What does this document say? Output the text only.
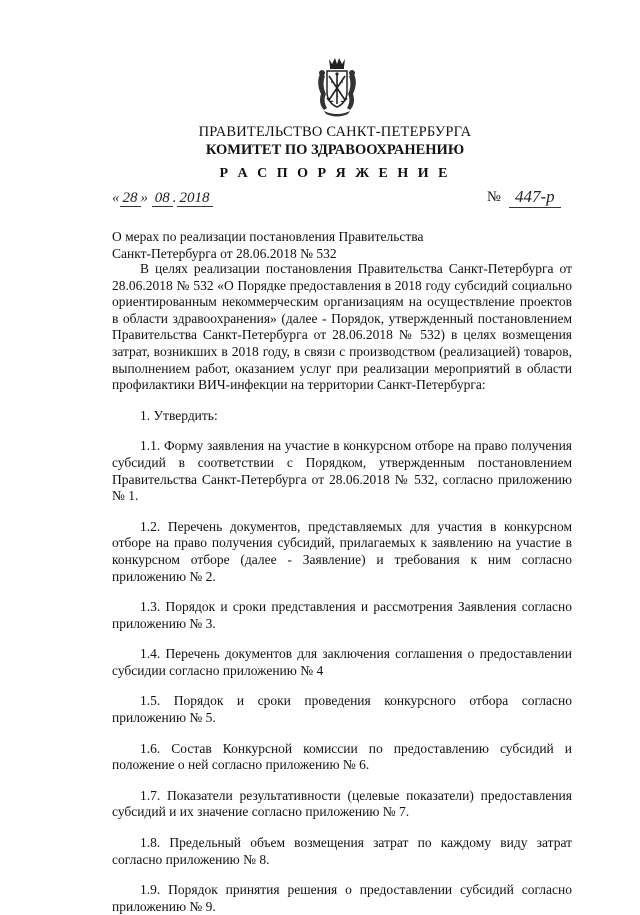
ПРАВИТЕЛЬСТВО САНКТ-ПЕТЕРБУРГА
КОМИТЕТ ПО ЗДРАВООХРАНЕНИЮ
Р А С П О Р Я Ж Е Н И Е
« 28 » 08 . 2018	№ 447-р
О мерах по реализации постановления Правительства
Санкт-Петербурга от 28.06.2018 № 532

В целях реализации постановления Правительства Санкт-Петербурга от 28.06.2018 № 532 «О Порядке предоставления в 2018 году субсидий социально ориентированным некоммерческим организациям на осуществление проектов в области здравоохранения» (далее - Порядок, утвержденный постановлением Правительства Санкт-Петербурга от 28.06.2018 № 532) в целях возмещения затрат, возникших в 2018 году, в связи с производством (реализацией) товаров, выполнением работ, оказанием услуг при реализации мероприятий в области профилактики ВИЧ-инфекции на территории Санкт-Петербурга:

1. Утвердить:

1.1. Форму заявления на участие в конкурсном отборе на право получения субсидий в соответствии с Порядком, утвержденным постановлением Правительства Санкт-Петербурга от 28.06.2018 № 532, согласно приложению № 1.

1.2. Перечень документов, представляемых для участия в конкурсном отборе на право получения субсидий, прилагаемых к заявлению на участие в конкурсном отборе (далее - Заявление) и требования к ним согласно приложению № 2.

1.3. Порядок и сроки представления и рассмотрения Заявления согласно приложению № 3.

1.4. Перечень документов для заключения соглашения о предоставлении субсидии согласно приложению № 4

1.5. Порядок и сроки проведения конкурсного отбора согласно приложению № 5.

1.6. Состав Конкурсной комиссии по предоставлению субсидий и положение о ней согласно приложению № 6.

1.7. Показатели результативности (целевые показатели) предоставления субсидий и их значение согласно приложению № 7.

1.8. Предельный объем возмещения затрат по каждому виду затрат согласно приложению № 8.

1.9. Порядок принятия решения о предоставлении субсидий согласно приложению № 9.
